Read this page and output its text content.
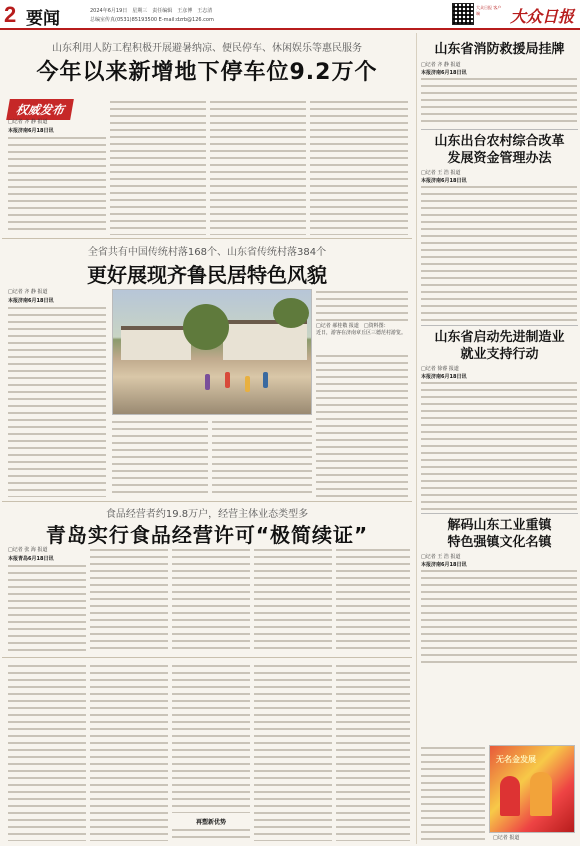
2 要闻	2024年6月19日　星期三　责任编辑　王彦博　王志清
总编室传真(0531)85193500 E-mail:dzrb@126.com
大众日报 客户端	大众日报
山东利用人防工程积极开展避暑纳凉、便民停车、休闲娱乐等惠民服务
今年以来新增地下停车位9.2万个
权威发布
□记者 齐 静 报道
本报济南6月18日讯
全省共有中国传统村落168个、山东省传统村落384个
更好展现齐鲁民居特色风貌
□记者 齐 静 报道
本报济南6月18日讯
□记者 郝桂敬 报道　□资料图：
近日，游客在济南章丘区三德范村游览。
食品经营者约19.8万户，经营主体业态类型多
青岛实行食品经营许可“极简续证”
□记者 张 海 报道
本报青岛6月18日讯
再塑新优势
山东省消防救援局挂牌
□记者 齐 静 报道
本报济南6月18日讯
山东出台农村综合改革
发展资金管理办法
□记者 王 浩 报道
本报济南6月18日讯
山东省启动先进制造业
就业支持行动
□记者 徐睿 报道
本报济南6月18日讯
解码山东工业重镇
特色强镇文化名镇
□记者 王 浩 报道
本报济南6月18日讯
无名金发展
□记者 报道
